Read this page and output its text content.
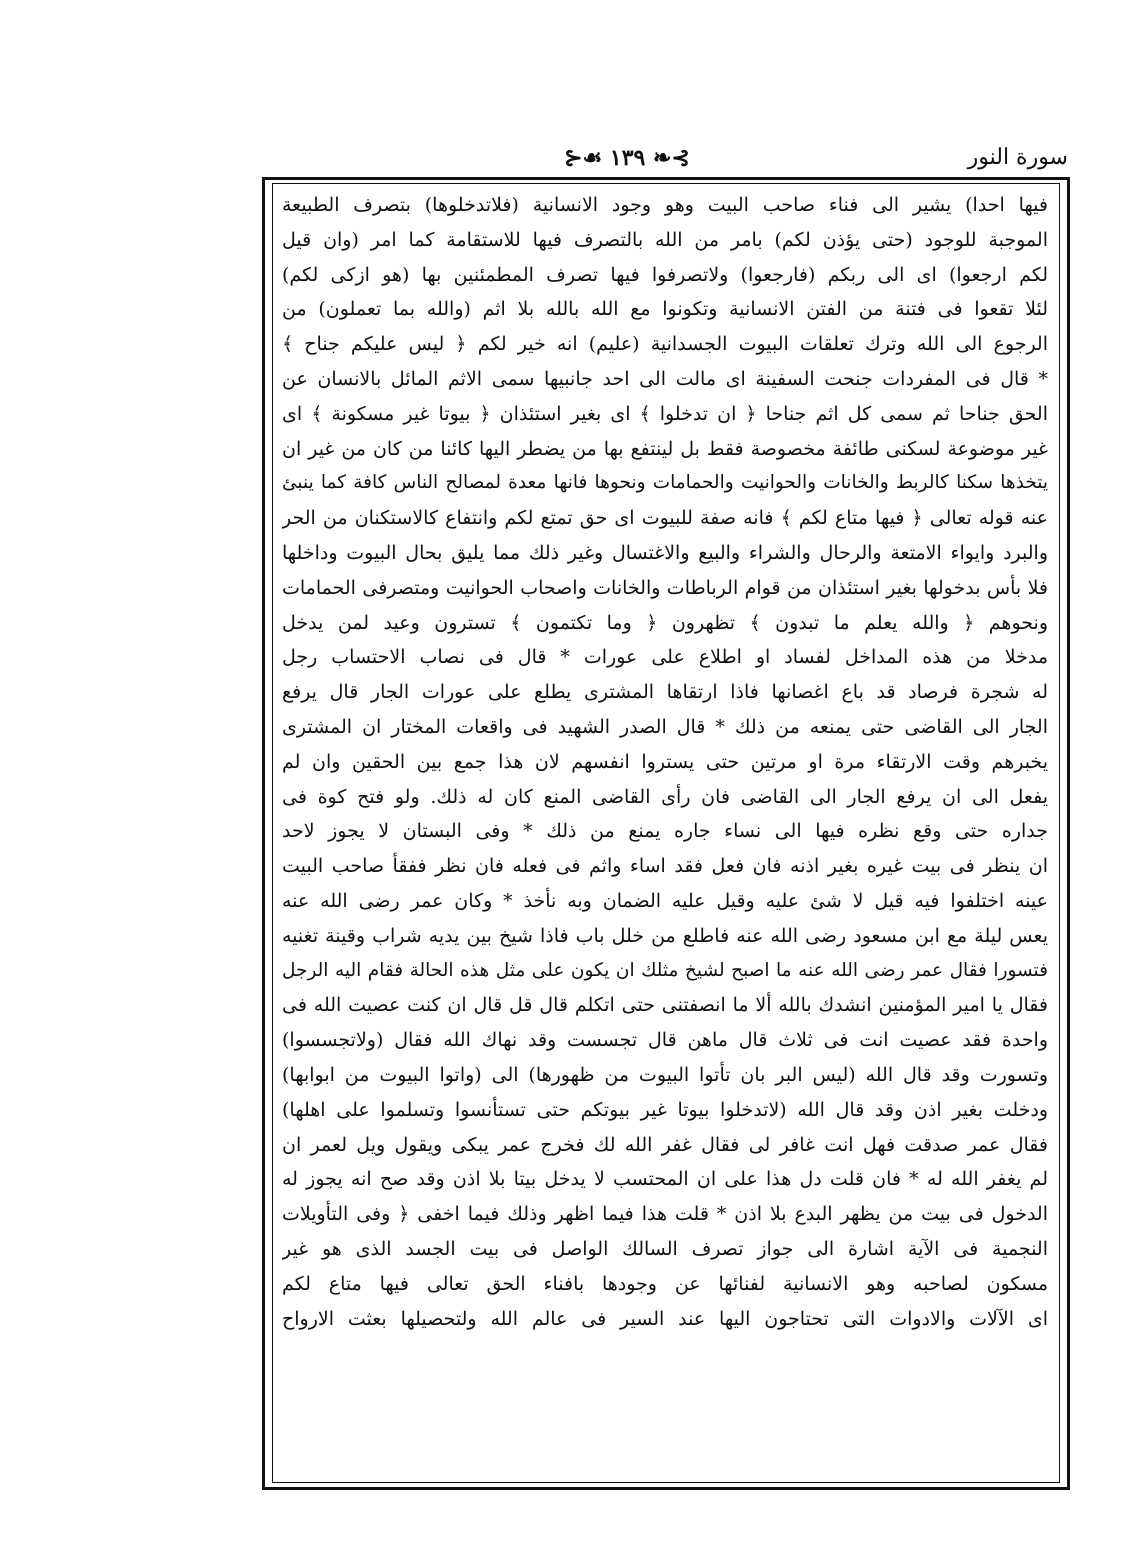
سورة النور
⊱❧ ۱۳۹ ☙⊰
فيها احدا) يشير الى فناء صاحب البيت وهو وجود الانسانية (فلاتدخلوها) بتصرف الطبيعة
الموجبة للوجود (حتى يؤذن لكم) بامر من الله بالتصرف فيها للاستقامة كما امر (وان قيل
لكم ارجعوا) اى الى ربكم (فارجعوا) ولاتصرفوا فيها تصرف المطمئنين بها (هو ازكى لكم)
لئلا تقعوا فى فتنة من الفتن الانسانية وتكونوا مع الله بالله بلا اثم (والله بما تعملون) من
الرجوع الى الله وترك تعلقات البيوت الجسدانية (عليم) انه خير لكم ﴿ ليس عليكم جناح ﴾
* قال فى المفردات جنحت السفينة اى مالت الى احد جانبيها سمى الاثم المائل بالانسان عن
الحق جناحا ثم سمى كل اثم جناحا ﴿ ان تدخلوا ﴾ اى بغير استئذان ﴿ بيوتا غير مسكونة ﴾ اى
غير موضوعة لسكنى طائفة مخصوصة فقط بل لينتفع بها من يضطر اليها كائنا من كان من غير ان
يتخذها سكنا كالربط والخانات والحوانيت والحمامات ونحوها فانها معدة لمصالح الناس كافة كما ينبئ
عنه قوله تعالى ﴿ فيها متاع لكم ﴾ فانه صفة للبيوت اى حق تمتع لكم وانتفاع كالاستكنان من الحر
والبرد وايواء الامتعة والرحال والشراء والبيع والاغتسال وغير ذلك مما يليق بحال البيوت وداخلها
فلا بأس بدخولها بغير استئذان من قوام الرباطات والخانات واصحاب الحوانيت ومتصرفى الحمامات
ونحوهم ﴿ والله يعلم ما تبدون ﴾ تظهرون ﴿ وما تكتمون ﴾ تسترون وعيد لمن يدخل
مدخلا من هذه المداخل لفساد او اطلاع على عورات * قال فى نصاب الاحتساب رجل
له شجرة فرصاد قد باع اغصانها فاذا ارتقاها المشترى يطلع على عورات الجار قال يرفع
الجار الى القاضى حتى يمنعه من ذلك * قال الصدر الشهيد فى واقعات المختار ان المشترى
يخبرهم وقت الارتقاء مرة او مرتين حتى يستروا انفسهم لان هذا جمع بين الحقين وان لم
يفعل الى ان يرفع الجار الى القاضى فان رأى القاضى المنع كان له ذلك. ولو فتح كوة فى
جداره حتى وقع نظره فيها الى نساء جاره يمنع من ذلك * وفى البستان لا يجوز لاحد
ان ينظر فى بيت غيره بغير اذنه فان فعل فقد اساء واثم فى فعله فان نظر ففقأ صاحب البيت
عينه اختلفوا فيه قيل لا شئ عليه وقيل عليه الضمان وبه نأخذ * وكان عمر رضى الله عنه
يعس ليلة مع ابن مسعود رضى الله عنه فاطلع من خلل باب فاذا شيخ بين يديه شراب وقينة تغنيه
فتسورا فقال عمر رضى الله عنه ما اصبح لشيخ مثلك ان يكون على مثل هذه الحالة فقام اليه الرجل
فقال يا امير المؤمنين انشدك بالله ألا ما انصفتنى حتى اتكلم قال قل قال ان كنت عصيت الله فى
واحدة فقد عصيت انت فى ثلاث قال ماهن قال تجسست وقد نهاك الله فقال (ولاتجسسوا)
وتسورت وقد قال الله (ليس البر بان تأتوا البيوت من ظهورها) الى (واتوا البيوت من ابوابها)
ودخلت بغير اذن وقد قال الله (لاتدخلوا بيوتا غير بيوتكم حتى تستأنسوا وتسلموا على اهلها)
فقال عمر صدقت فهل انت غافر لى فقال غفر الله لك فخرج عمر يبكى ويقول ويل لعمر ان
لم يغفر الله له * فان قلت دل هذا على ان المحتسب لا يدخل بيتا بلا اذن وقد صح انه يجوز له
الدخول فى بيت من يظهر البدع بلا اذن * قلت هذا فيما اظهر وذلك فيما اخفى ﴿ وفى التأويلات
النجمية فى الآية اشارة الى جواز تصرف السالك الواصل فى بيت الجسد الذى هو غير
مسكون لصاحبه وهو الانسانية لفنائها عن وجودها بافناء الحق تعالى فيها متاع لكم
اى الآلات والادوات التى تحتاجون اليها عند السير فى عالم الله ولتحصيلها بعثت الارواح
